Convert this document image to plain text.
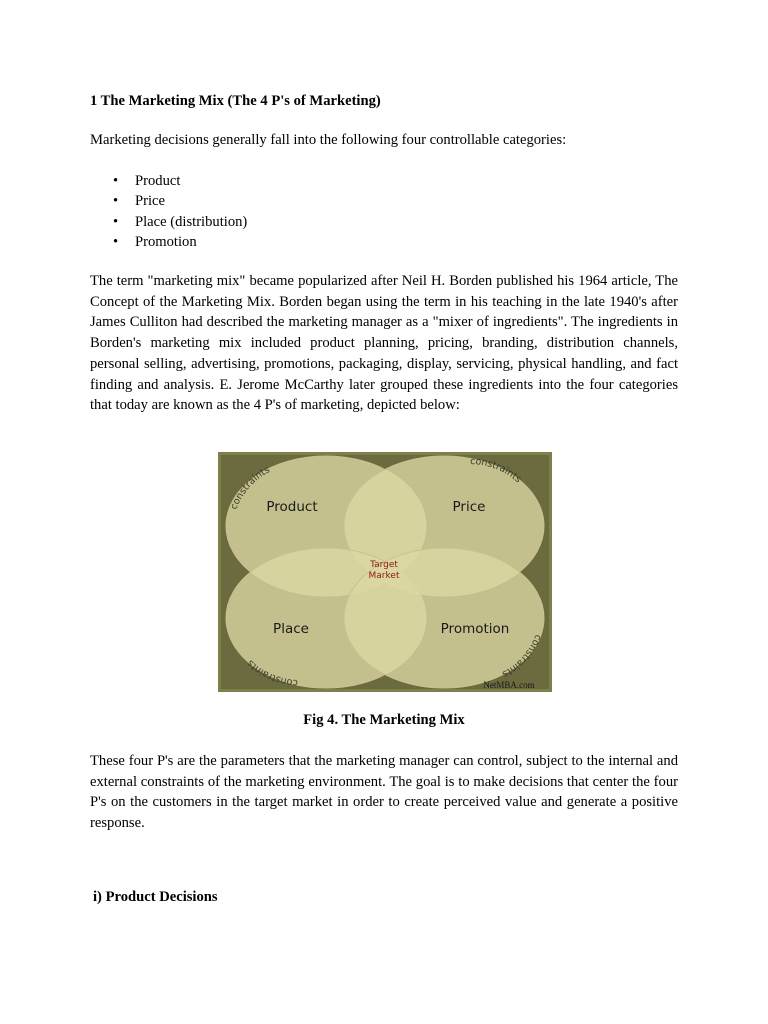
1 The Marketing Mix (The 4 P's of Marketing)
Marketing decisions generally fall into the following four controllable categories:
• Product
• Price
• Place (distribution)
• Promotion
The term "marketing mix" became popularized after Neil H. Borden published his 1964 article, The Concept of the Marketing Mix. Borden began using the term in his teaching in the late 1940's after James Culliton had described the marketing manager as a "mixer of ingredients". The ingredients in Borden's marketing mix included product planning, pricing, branding, distribution channels, personal selling, advertising, promotions, packaging, display, servicing, physical handling, and fact finding and analysis. E. Jerome McCarthy later grouped these ingredients into the four categories that today are known as the 4 P's of marketing, depicted below:
Product	Price
Place	Promotion
Target
Market
constraints
constraints
constraints
constraints
NetMBA.com
Fig 4. The Marketing Mix
These four P's are the parameters that the marketing manager can control, subject to the internal and external constraints of the marketing environment. The goal is to make decisions that center the four P's on the customers in the target market in order to create perceived value and generate a positive response.
i) Product Decisions
